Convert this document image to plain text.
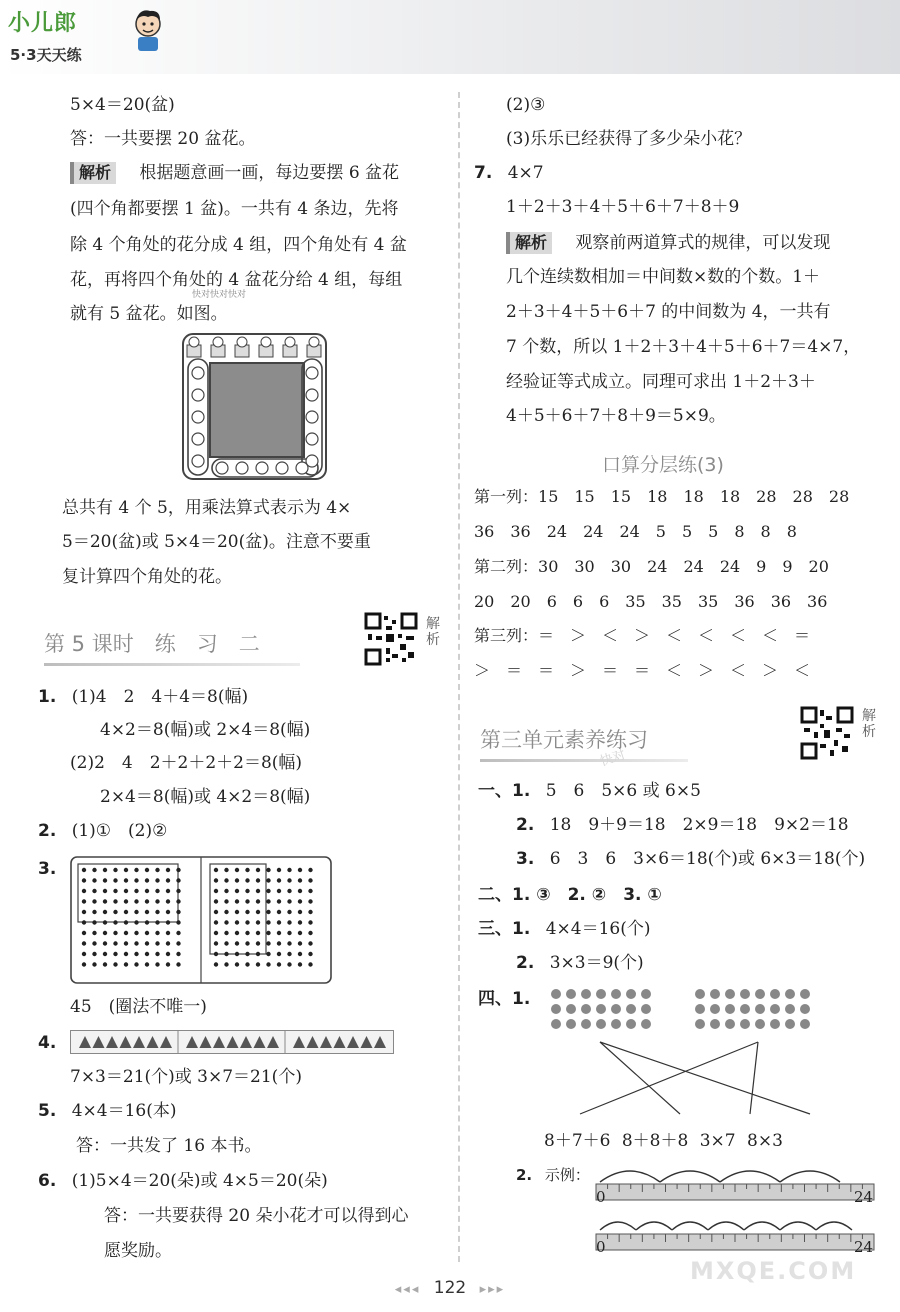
小儿郎
5·3天天练
5×4＝20(盆)
答：一共要摆 20 盆花。
解析 根据题意画一画，每边要摆 6 盆花
(四个角都要摆 1 盆)。一共有 4 条边，先将
除 4 个角处的花分成 4 组，四个角处有 4 盆
花，再将四个角处的 4 盆花分给 4 组，每组
就有 5 盆花。如图。
快对快对快对
总共有 4 个 5，用乘法算式表示为 4×
5＝20(盆)或 5×4＝20(盆)。注意不要重
复计算四个角处的花。
第 5 课时　练　习　二
解析
1. (1)4　2　4＋4＝8(幅)
4×2＝8(幅)或 2×4＝8(幅)
(2)2　4　2＋2＋2＋2＝8(幅)
2×4＝8(幅)或 4×2＝8(幅)
2. (1)①　(2)②
3.
45　(圈法不唯一)
4.
7×3＝21(个)或 3×7＝21(个)
5. 4×4＝16(本)
答：一共发了 16 本书。
6. (1)5×4＝20(朵)或 4×5＝20(朵)
答：一共要获得 20 朵小花才可以得到心
愿奖励。
(2)③
(3)乐乐已经获得了多少朵小花？
7. 4×7
1＋2＋3＋4＋5＋6＋7＋8＋9
解析 观察前两道算式的规律，可以发现
几个连续数相加＝中间数×数的个数。1＋
2＋3＋4＋5＋6＋7 的中间数为 4，一共有
7 个数，所以 1＋2＋3＋4＋5＋6＋7＝4×7，
经验证等式成立。同理可求出 1＋2＋3＋
4＋5＋6＋7＋8＋9＝5×9。
口算分层练(3)
第一列：15　15　15　18　18　18　28　28　28
36　36　24　24　24　5　5　5　8　8　8
第二列：30　30　30　24　24　24　9　9　20
20　20　6　6　6　35　35　35　36　36　36
第三列：＝　＞　＜　＞　＜　＜　＜　＜　＝
＞　＝　＝　＞　＝　＝　＜　＞　＜　＞　＜
第三单元素养练习
解析
快对
一、1. 5　6　5×6 或 6×5
2. 18　9＋9＝18　2×9＝18　9×2＝18
3. 6　3　6　3×6＝18(个)或 6×3＝18(个)
二、1. ③　2. ②　3. ①
三、1. 4×4＝16(个)
2. 3×3＝9(个)
四、1.
8＋7＋6 8＋8＋8 3×7 8×3
2. 示例：
0	24
0	24
MXQE.COM
◂◂◂ 122 ▸▸▸
